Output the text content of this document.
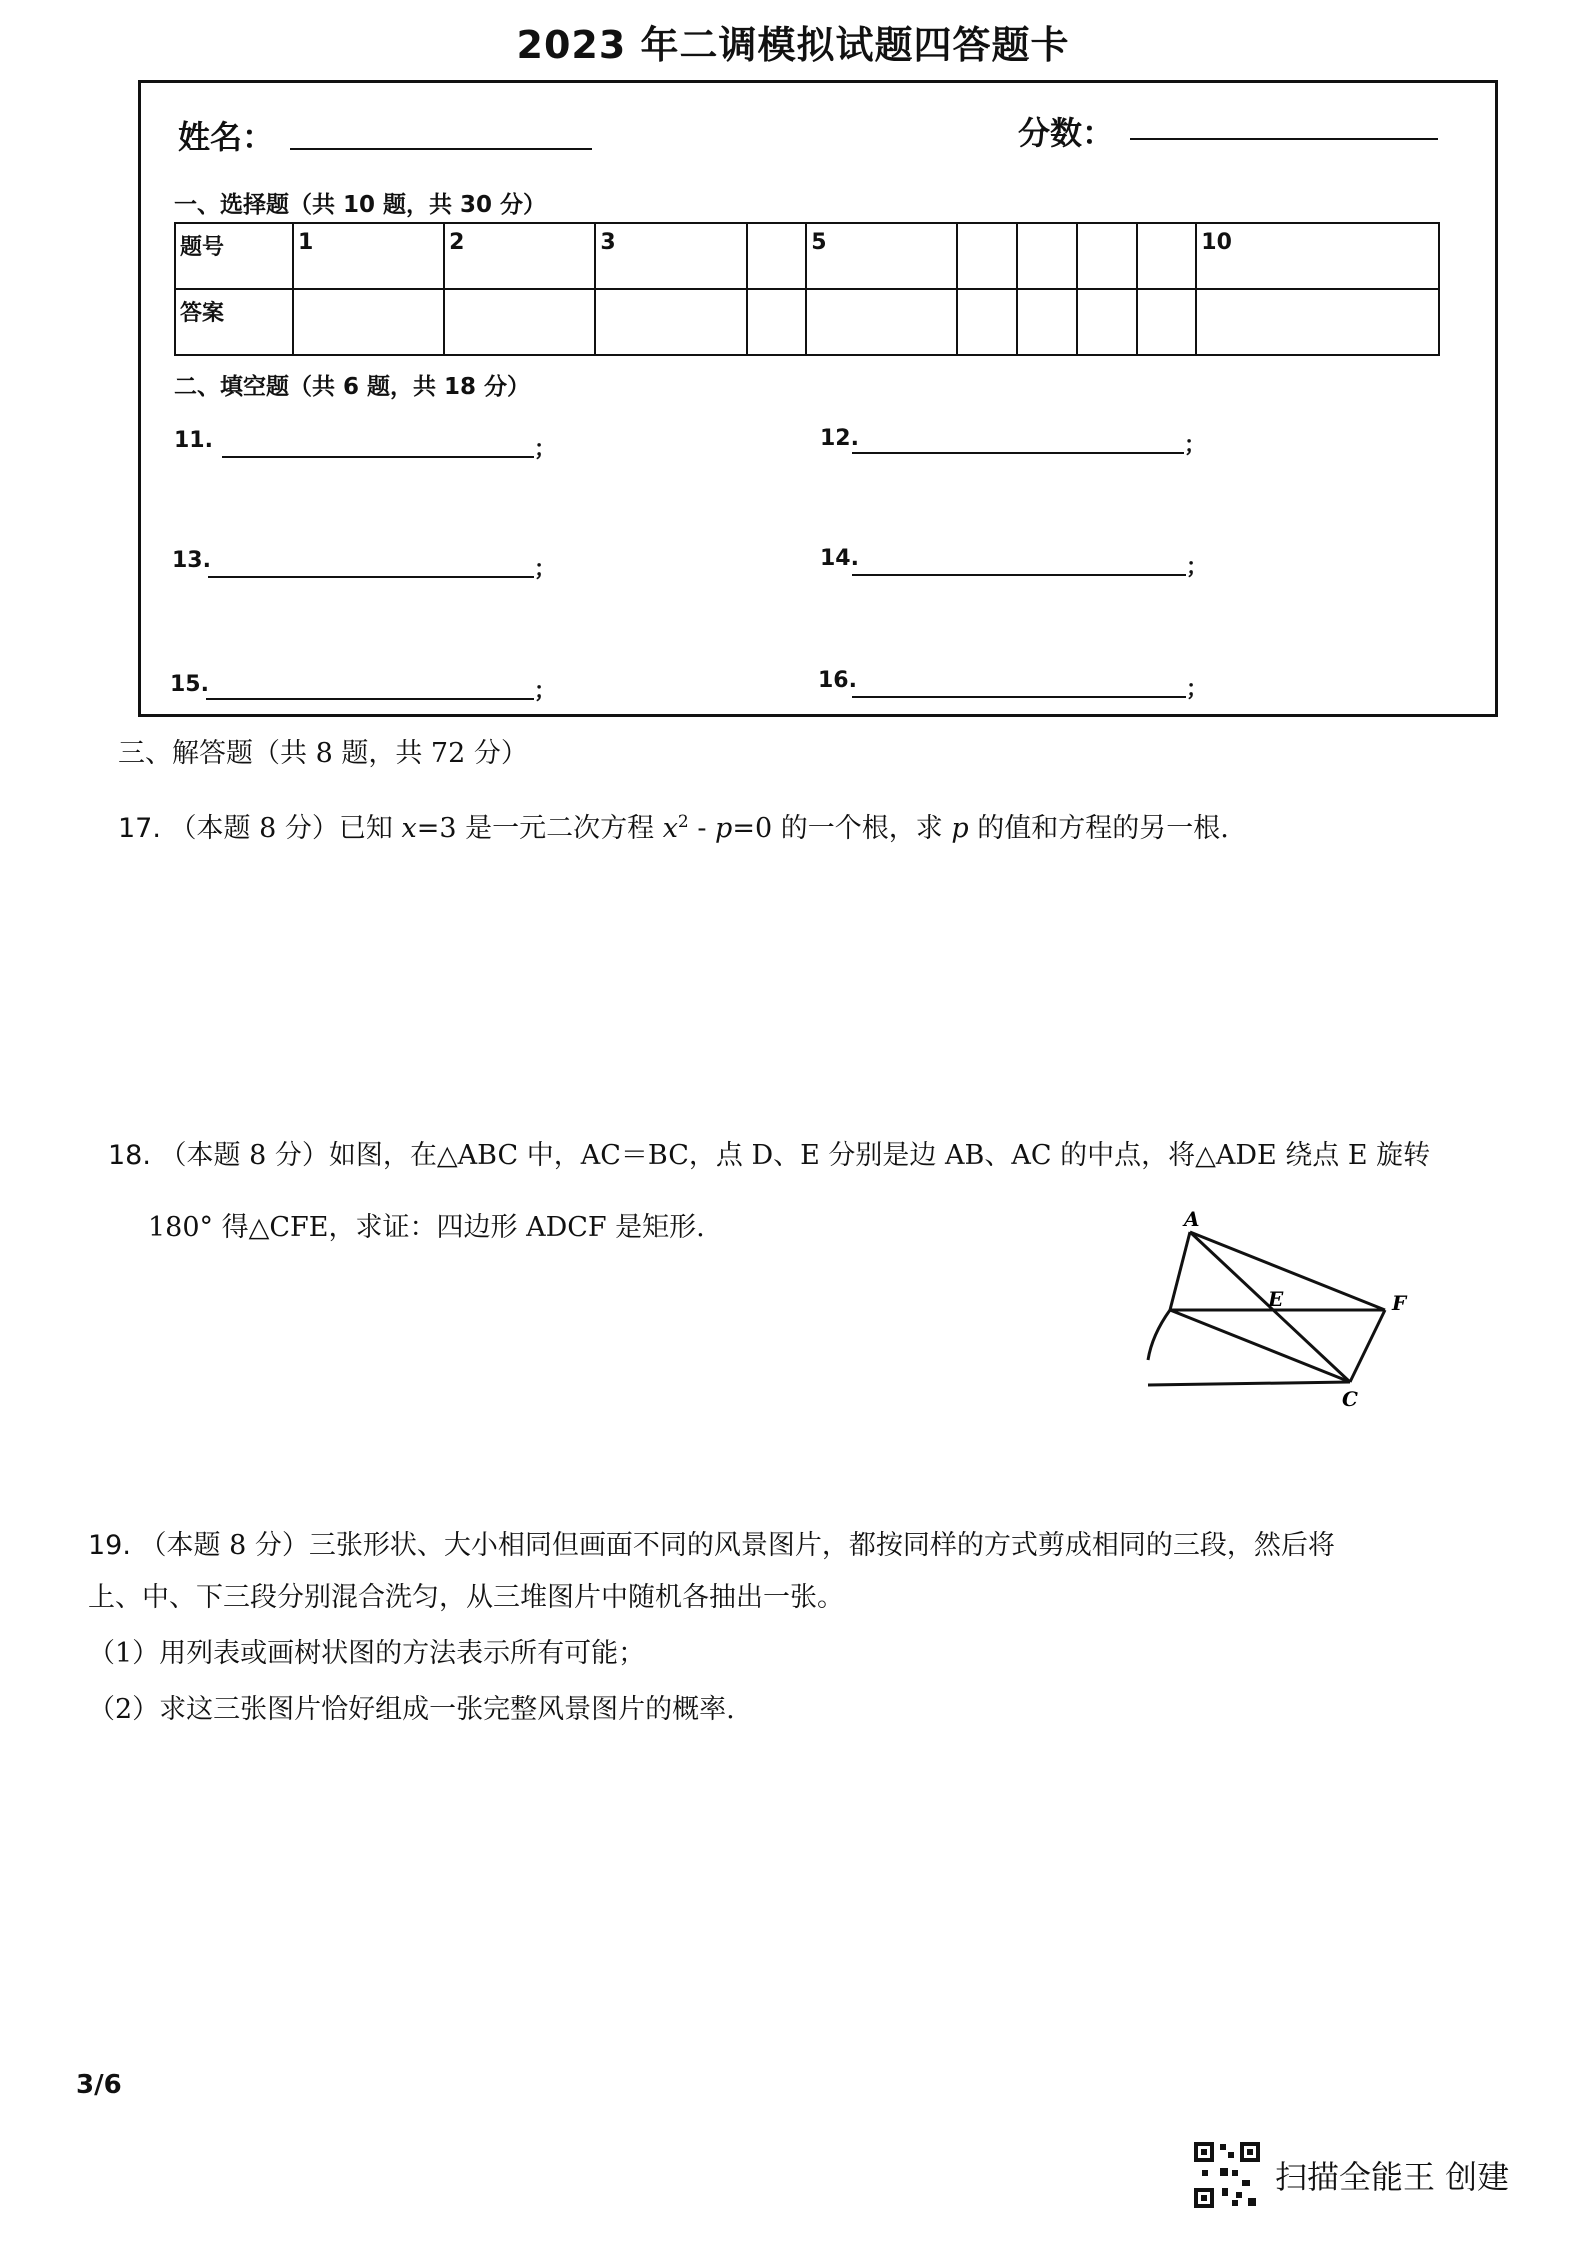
2023 年二调模拟试题四答题卡
姓名：	分数：
一、选择题（共 10 题，共 30 分）
题号	1	2	3		5					10
答案										
二、填空题（共 6 题，共 18 分）
11.	；	12.	；
13.	；	14.	；
15.	；	16.	；
三、解答题（共 8 题，共 72 分）
17. （本题 8 分）已知 x=3 是一元二次方程 $x^2 - p=0$ 的一个根，求 p 的值和方程的另一根.
18. （本题 8 分）如图，在△ABC 中，AC＝BC，点 D、E 分别是边 AB、AC 的中点，将△ADE 绕点 E 旋转
180° 得△CFE，求证：四边形 ADCF 是矩形.	A
E	F
C
19. （本题 8 分）三张形状、大小相同但画面不同的风景图片，都按同样的方式剪成相同的三段，然后将
上、中、下三段分别混合洗匀，从三堆图片中随机各抽出一张。
（1）用列表或画树状图的方法表示所有可能；
（2）求这三张图片恰好组成一张完整风景图片的概率.
3/6
扫描全能王 创建
